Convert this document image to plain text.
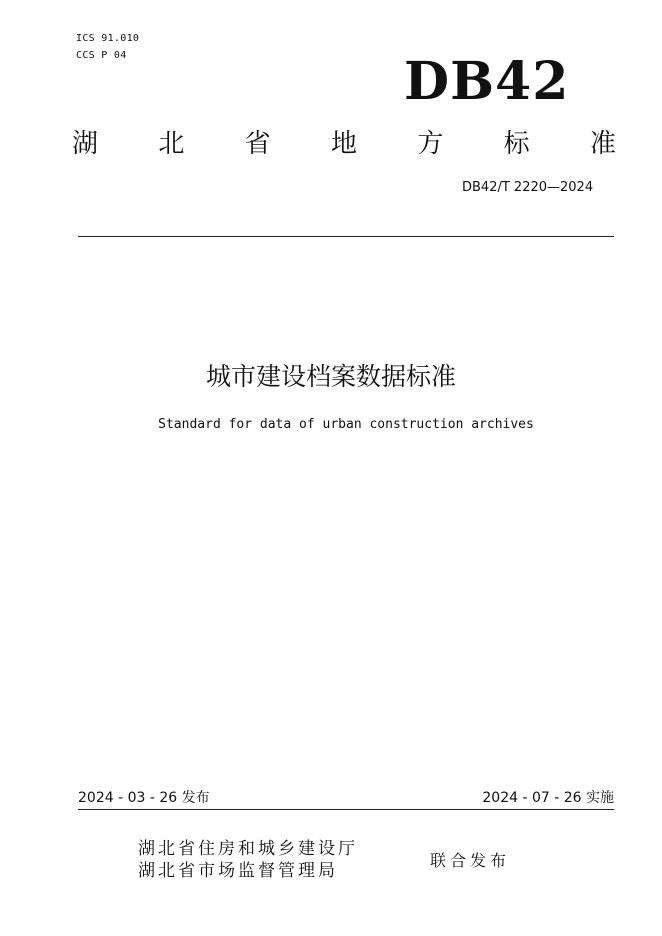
ICS 91.010
CCS P 04	DB42
湖 北 省 地 方 标 准
DB42/T 2220—2024
城市建设档案数据标准
Standard for data of urban construction archives
2024 - 03 - 26 发布	2024 - 07 - 26 实施
湖北省住房和城乡建设厅
湖北省市场监督管理局
联合发布
